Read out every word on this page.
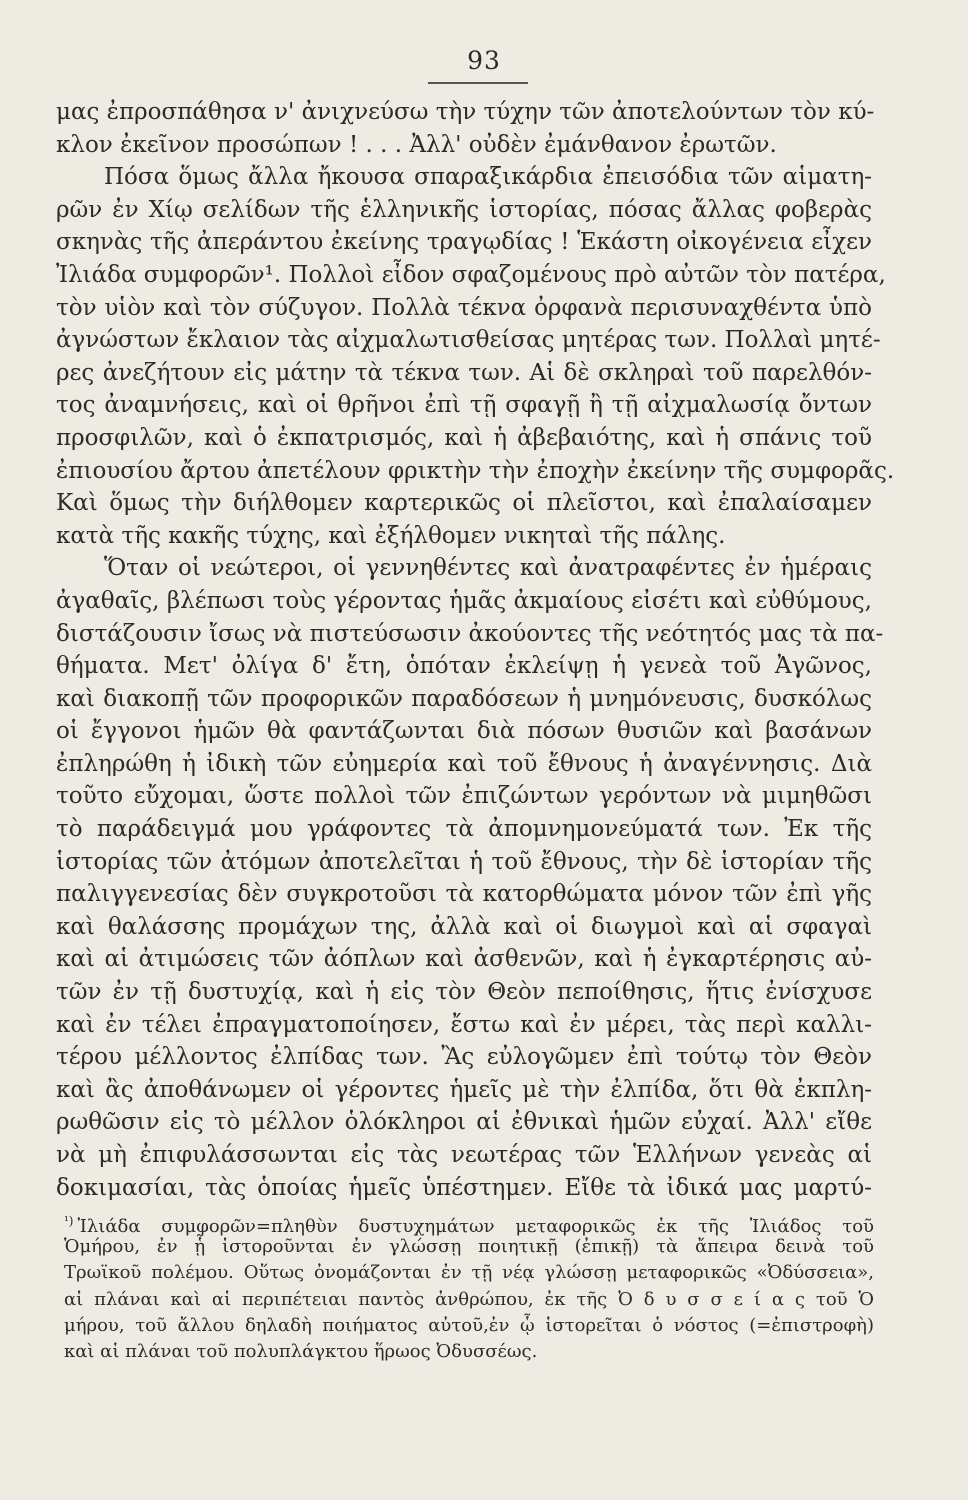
93
μας ἐπροσπάθησα ν' ἀνιχνεύσω τὴν τύχην τῶν ἀποτελούντων τὸν κύ-
κλον ἐκεῖνον προσώπων ! . . . Ἀλλ' οὐδὲν ἐμάνθανον ἐρωτῶν.
Πόσα ὅμως ἄλλα ἤκουσα σπαραξικάρδια ἐπεισόδια τῶν αἱματη-
ρῶν ἐν Χίῳ σελίδων τῆς ἑλληνικῆς ἱστορίας, πόσας ἄλλας φοβερὰς
σκηνὰς τῆς ἀπεράντου ἐκείνης τραγῳδίας ! Ἑκάστη οἰκογένεια εἶχεν
Ἰλιάδα συμφορῶν¹. Πολλοὶ εἶδον σφαζομένους πρὸ αὐτῶν τὸν πατέρα,
τὸν υἱὸν καὶ τὸν σύζυγον. Πολλὰ τέκνα ὀρφανὰ περισυναχθέντα ὑπὸ
ἀγνώστων ἔκλαιον τὰς αἰχμαλωτισθείσας μητέρας των. Πολλαὶ μητέ-
ρες ἀνεζήτουν εἰς μάτην τὰ τέκνα των. Αἱ δὲ σκληραὶ τοῦ παρελθόν-
τος ἀναμνήσεις, καὶ οἱ θρῆνοι ἐπὶ τῇ σφαγῇ ἢ τῇ αἰχμαλωσίᾳ ὄντων
προσφιλῶν, καὶ ὁ ἐκπατρισμός, καὶ ἡ ἀβεβαιότης, καὶ ἡ σπάνις τοῦ
ἐπιουσίου ἄρτου ἀπετέλουν φρικτὴν τὴν ἐποχὴν ἐκείνην τῆς συμφορᾶς.
Καὶ ὅμως τὴν διήλθομεν καρτερικῶς οἱ πλεῖστοι, καὶ ἐπαλαίσαμεν
κατὰ τῆς κακῆς τύχης, καὶ ἐξήλθομεν νικηταὶ τῆς πάλης.
Ὅταν οἱ νεώτεροι, οἱ γεννηθέντες καὶ ἀνατραφέντες ἐν ἡμέραις
ἀγαθαῖς, βλέπωσι τοὺς γέροντας ἡμᾶς ἀκμαίους εἰσέτι καὶ εὐθύμους,
διστάζουσιν ἴσως νὰ πιστεύσωσιν ἀκούοντες τῆς νεότητός μας τὰ πα-
θήματα. Μετ' ὀλίγα δ' ἔτη, ὁπόταν ἐκλείψῃ ἡ γενεὰ τοῦ Ἀγῶνος,
καὶ διακοπῇ τῶν προφορικῶν παραδόσεων ἡ μνημόνευσις, δυσκόλως
οἱ ἔγγονοι ἡμῶν θὰ φαντάζωνται διὰ πόσων θυσιῶν καὶ βασάνων
ἐπληρώθη ἡ ἰδικὴ τῶν εὐημερία καὶ τοῦ ἔθνους ἡ ἀναγέννησις. Διὰ
τοῦτο εὔχομαι, ὥστε πολλοὶ τῶν ἐπιζώντων γερόντων νὰ μιμηθῶσι
τὸ παράδειγμά μου γράφοντες τὰ ἀπομνημονεύματά των. Ἐκ τῆς
ἱστορίας τῶν ἀτόμων ἀποτελεῖται ἡ τοῦ ἔθνους, τὴν δὲ ἱστορίαν τῆς
παλιγγενεσίας δὲν συγκροτοῦσι τὰ κατορθώματα μόνον τῶν ἐπὶ γῆς
καὶ θαλάσσης προμάχων της, ἀλλὰ καὶ οἱ διωγμοὶ καὶ αἱ σφαγαὶ
καὶ αἱ ἀτιμώσεις τῶν ἀόπλων καὶ ἀσθενῶν, καὶ ἡ ἐγκαρτέρησις αὐ-
τῶν ἐν τῇ δυστυχίᾳ, καὶ ἡ εἰς τὸν Θεὸν πεποίθησις, ἥτις ἐνίσχυσε
καὶ ἐν τέλει ἐπραγματοποίησεν, ἔστω καὶ ἐν μέρει, τὰς περὶ καλλι-
τέρου μέλλοντος ἐλπίδας των. Ἂς εὐλογῶμεν ἐπὶ τούτῳ τὸν Θεὸν
καὶ ἂς ἀποθάνωμεν οἱ γέροντες ἡμεῖς μὲ τὴν ἐλπίδα, ὅτι θὰ ἐκπλη-
ρωθῶσιν εἰς τὸ μέλλον ὁλόκληροι αἱ ἐθνικαὶ ἡμῶν εὐχαί. Ἀλλ' εἴθε
νὰ μὴ ἐπιφυλάσσωνται εἰς τὰς νεωτέρας τῶν Ἑλλήνων γενεὰς αἱ
δοκιμασίαι, τὰς ὁποίας ἡμεῖς ὑπέστημεν. Εἴθε τὰ ἰδικά μας μαρτύ-
$^{^1)}$ Ἰλιάδα συμφορῶν=πληθὺν δυστυχημάτων μεταφορικῶς ἐκ τῆς Ἰλιάδος τοῦ
Ὁμήρου, ἐν ᾗ ἱστοροῦνται ἐν γλώσσῃ ποιητικῇ (ἐπικῇ) τὰ ἄπειρα δεινὰ τοῦ
Τρωϊκοῦ πολέμου. Οὕτως ὀνομάζονται ἐν τῇ νέᾳ γλώσσῃ μεταφορικῶς «Ὀδύσσεια»,
αἱ πλάναι καὶ αἱ περιπέτειαι παντὸς ἀνθρώπου, ἐκ τῆς Ὀ δ υ σ σ ε ί α ς τοῦ Ὁ
μήρου, τοῦ ἄλλου δηλαδὴ ποιήματος αὐτοῦ,ἐν ᾧ ἱστορεῖται ὁ νόστος (=ἐπιστροφὴ)
καὶ αἱ πλάναι τοῦ πολυπλάγκτου ἥρωος Ὀδυσσέως.
